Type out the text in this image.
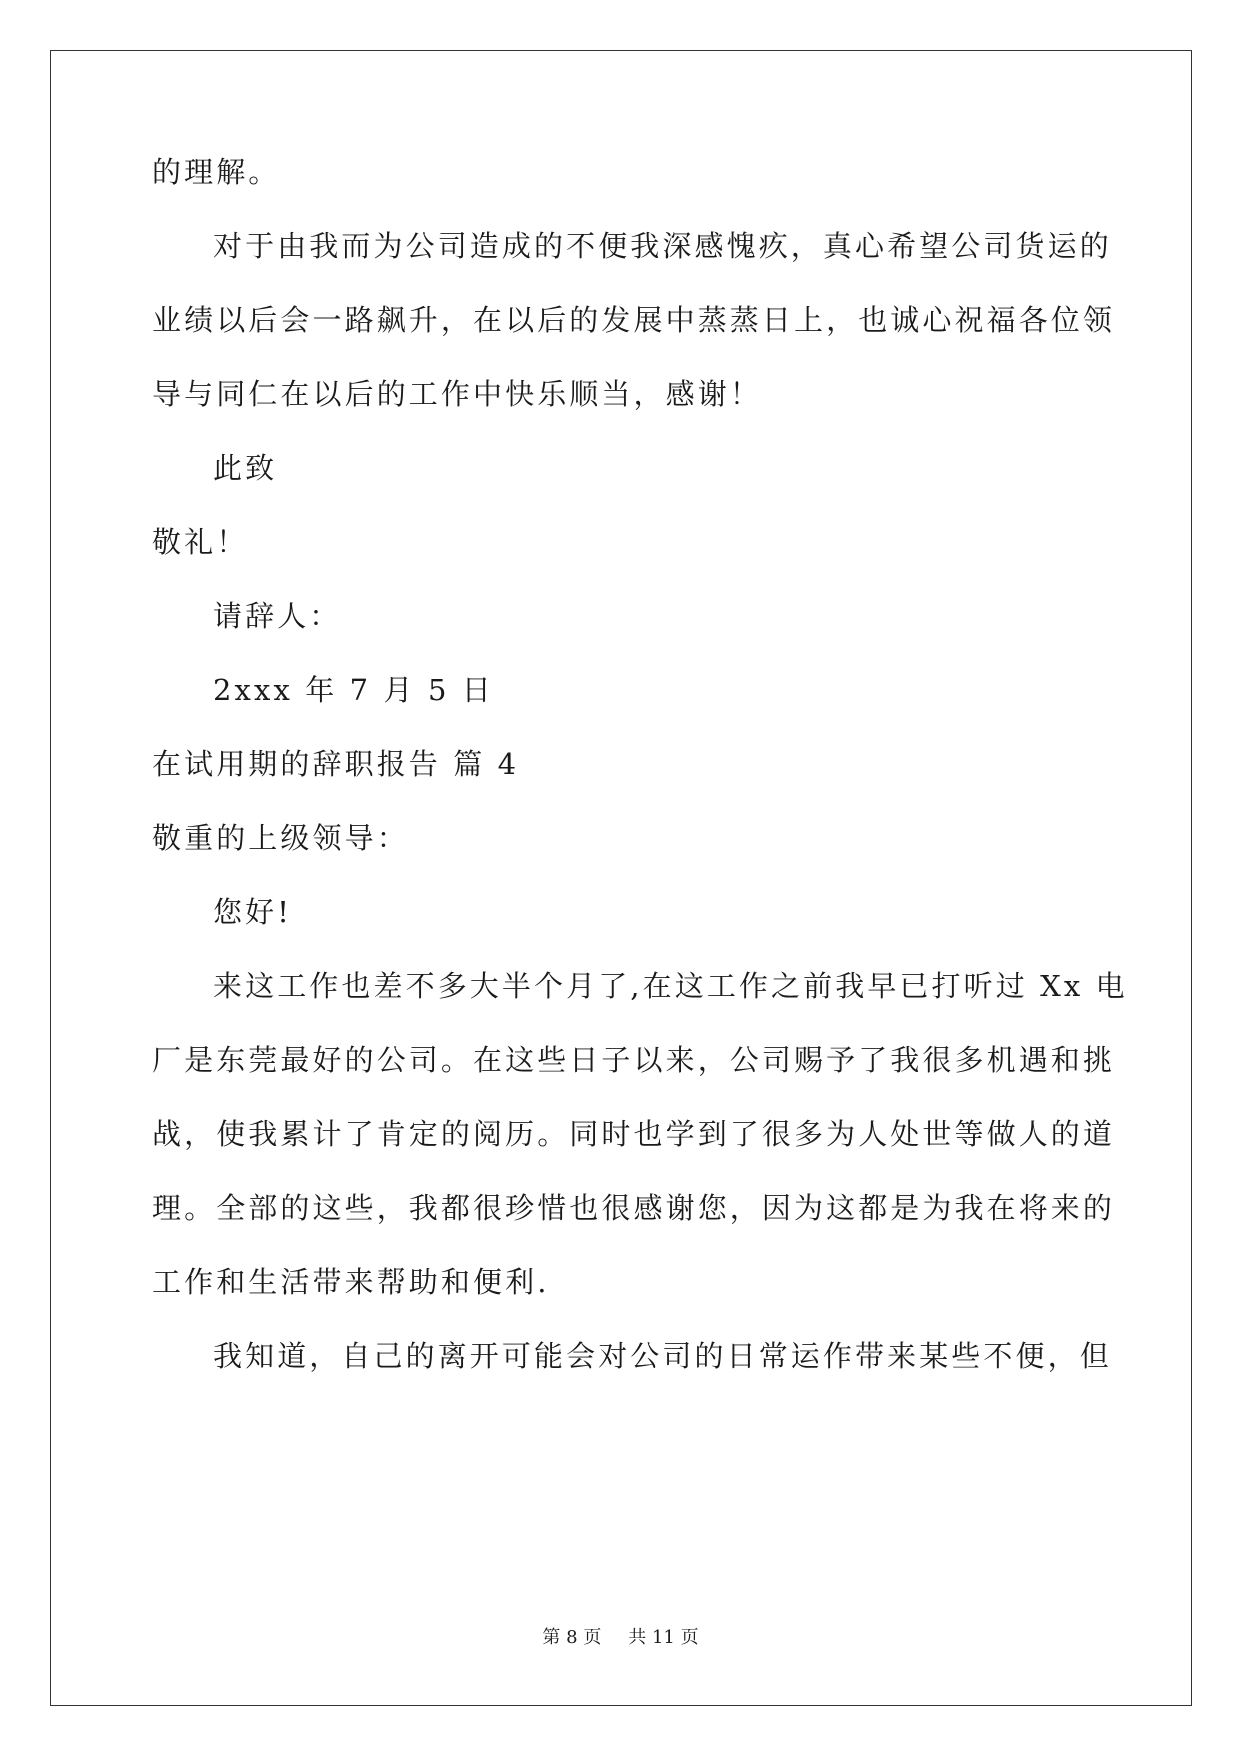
的理解。
对于由我而为公司造成的不便我深感愧疚，真心希望公司货运的
业绩以后会一路飙升，在以后的发展中蒸蒸日上，也诚心祝福各位领
导与同仁在以后的工作中快乐顺当，感谢！
此致
敬礼！
请辞人：
2xxx 年 7 月 5 日
在试用期的辞职报告 篇 4
敬重的上级领导：
您好!
来这工作也差不多大半个月了,在这工作之前我早已打听过 Xx 电
厂是东莞最好的公司。在这些日子以来，公司赐予了我很多机遇和挑
战，使我累计了肯定的阅历。同时也学到了很多为人处世等做人的道
理。全部的这些，我都很珍惜也很感谢您，因为这都是为我在将来的
工作和生活带来帮助和便利.
我知道，自己的离开可能会对公司的日常运作带来某些不便，但
第 8 页 共 11 页
